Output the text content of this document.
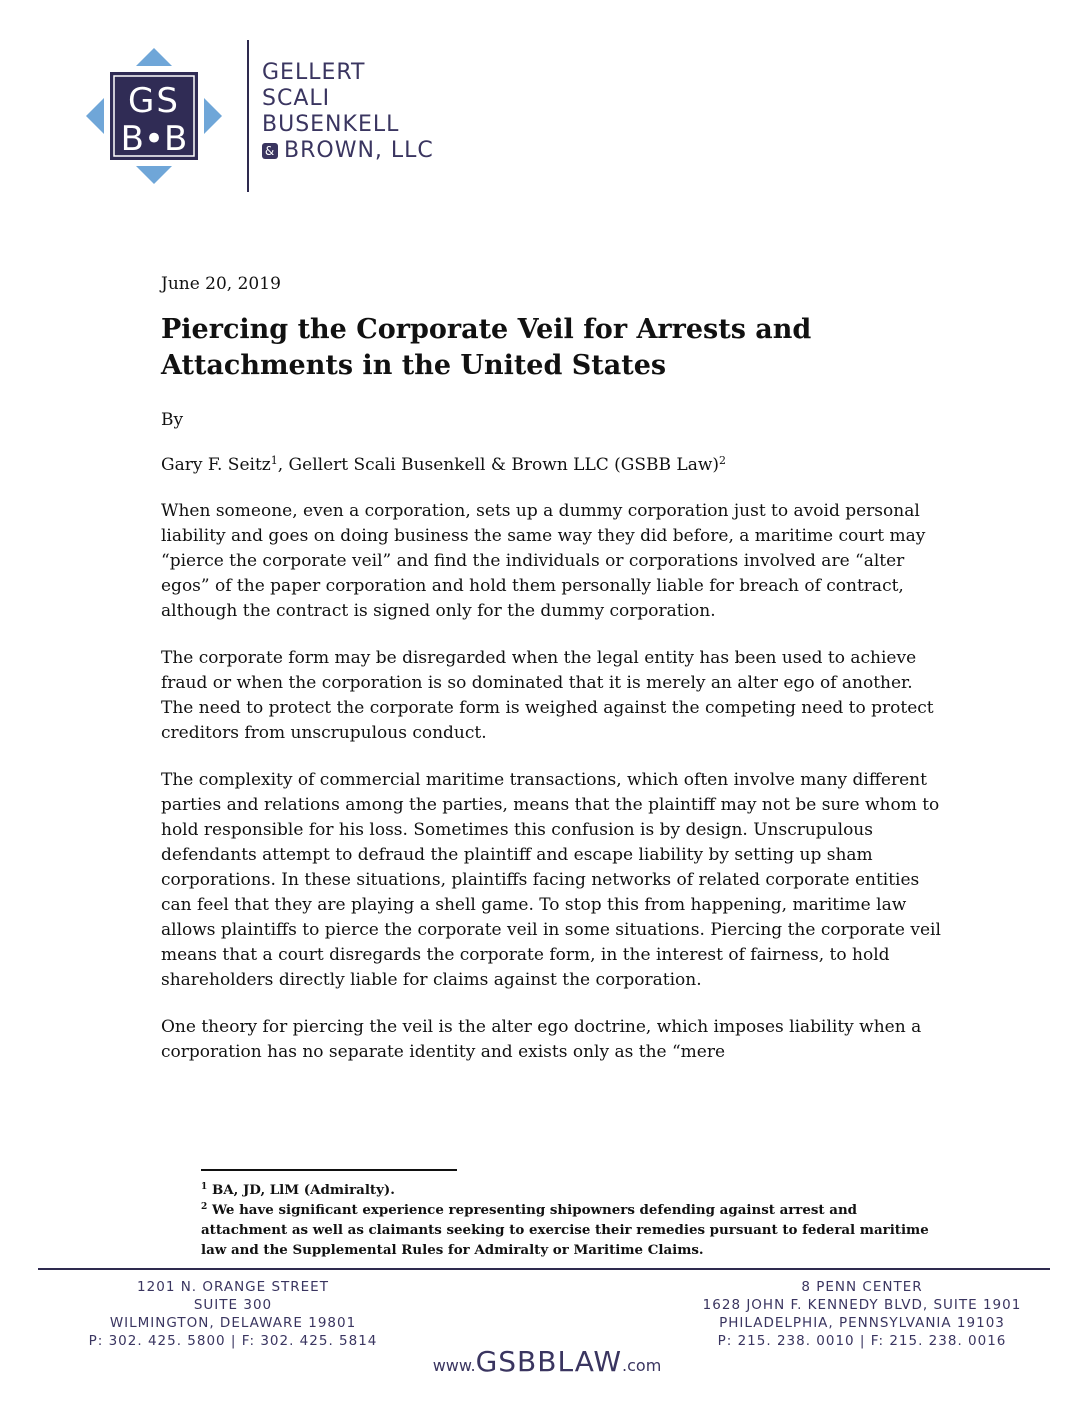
GS
B•B
GELLERT
SCALI
BUSENKELL
& BROWN, LLC

June 20, 2019

Piercing the Corporate Veil for Arrests and
Attachments in the United States

By

Gary F. Seitz$^1$, Gellert Scali Busenkell & Brown LLC (GSBB Law)$^2$

When someone, even a corporation, sets up a dummy corporation just to avoid personal liability and goes on doing business the same way they did before, a maritime court may “pierce the corporate veil” and find the individuals or corporations involved are “alter egos” of the paper corporation and hold them personally liable for breach of contract, although the contract is signed only for the dummy corporation.

The corporate form may be disregarded when the legal entity has been used to achieve fraud or when the corporation is so dominated that it is merely an alter ego of another. The need to protect the corporate form is weighed against the competing need to protect creditors from unscrupulous conduct.

The complexity of commercial maritime transactions, which often involve many different parties and relations among the parties, means that the plaintiff may not be sure whom to hold responsible for his loss. Sometimes this confusion is by design. Unscrupulous defendants attempt to defraud the plaintiff and escape liability by setting up sham corporations. In these situations, plaintiffs facing networks of related corporate entities can feel that they are playing a shell game. To stop this from happening, maritime law allows plaintiffs to pierce the corporate veil in some situations. Piercing the corporate veil means that a court disregards the corporate form, in the interest of fairness, to hold shareholders directly liable for claims against the corporation.

One theory for piercing the veil is the alter ego doctrine, which imposes liability when a corporation has no separate identity and exists only as the “mere

$^1$ BA, JD, LlM (Admiralty).
$^2$ We have significant experience representing shipowners defending against arrest and attachment as well as claimants seeking to exercise their remedies pursuant to federal maritime law and the Supplemental Rules for Admiralty or Maritime Claims.
1201 N. ORANGE STREET
SUITE 300
WILMINGTON, DELAWARE 19801
P: 302. 425. 5800 | F: 302. 425. 5814
8 PENN CENTER
1628 JOHN F. KENNEDY BLVD, SUITE 1901
PHILADELPHIA, PENNSYLVANIA 19103
P: 215. 238. 0010 | F: 215. 238. 0016
www.GSBBLAW.com
